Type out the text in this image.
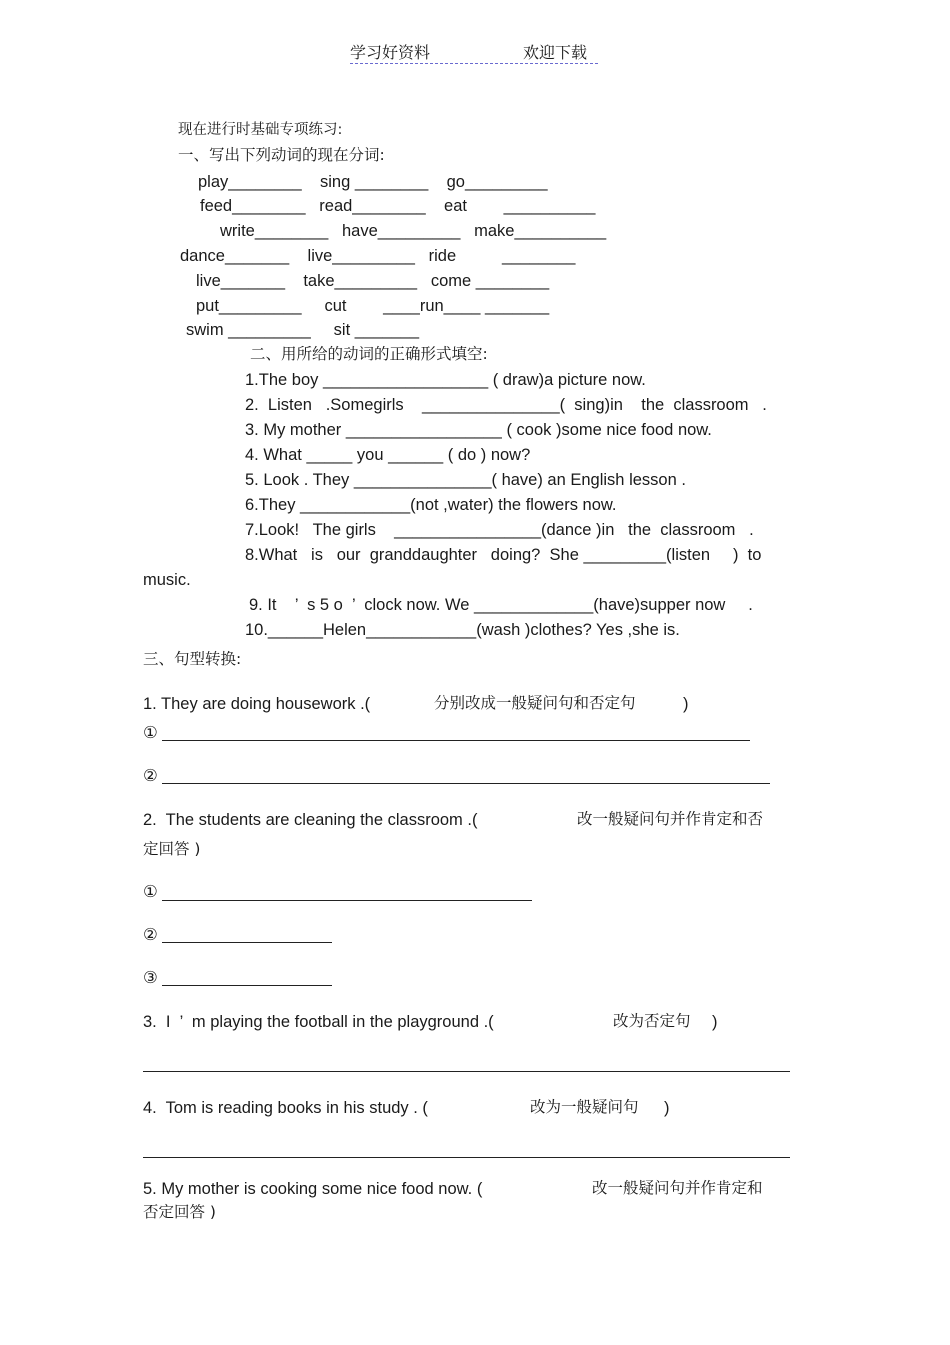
学习好资料	欢迎下载
现在进行时基础专项练习:
一、写出下列动词的现在分词:
play________    sing ________    go_________
feed________   read________    eat        __________
write________   have_________   make__________
dance_______    live_________   ride          ________
live_______    take_________   come ________
put_________     cut        ____run____ _______
swim _________     sit _______
二、用所给的动词的正确形式填空:
1.The boy __________________ ( draw)a picture now.
2.  Listen   .Somegirls    _______________(  sing)in    the  classroom   .
3. My mother _________________ ( cook )some nice food now.
4. What _____ you ______ ( do ) now?
5. Look . They _______________( have) an English lesson .
6.They ____________(not ,water) the flowers now.
7.Look!   The girls    ________________(dance )in   the  classroom   .
8.What   is   our  granddaughter   doing?  She _________(listen     )  to
music.
9. It    ’  s 5 o  ’  clock now. We _____________(have)supper now     .
10.______Helen____________(wash )clothes? Yes ,she is.
三、句型转换:
1. They are doing housework .(	分别改成一般疑问句和否定句	)
①
②
2.  The students are cleaning the classroom .(	改一般疑问句并作肯定和否
定回答 )
①
②
③
3.  I  ’  m playing the football in the playground .(	改为否定句 )
4.  Tom is reading books in his study . (	改为一般疑问句 )
5. My mother is cooking some nice food now. (	改一般疑问句并作肯定和
否定回答 )
